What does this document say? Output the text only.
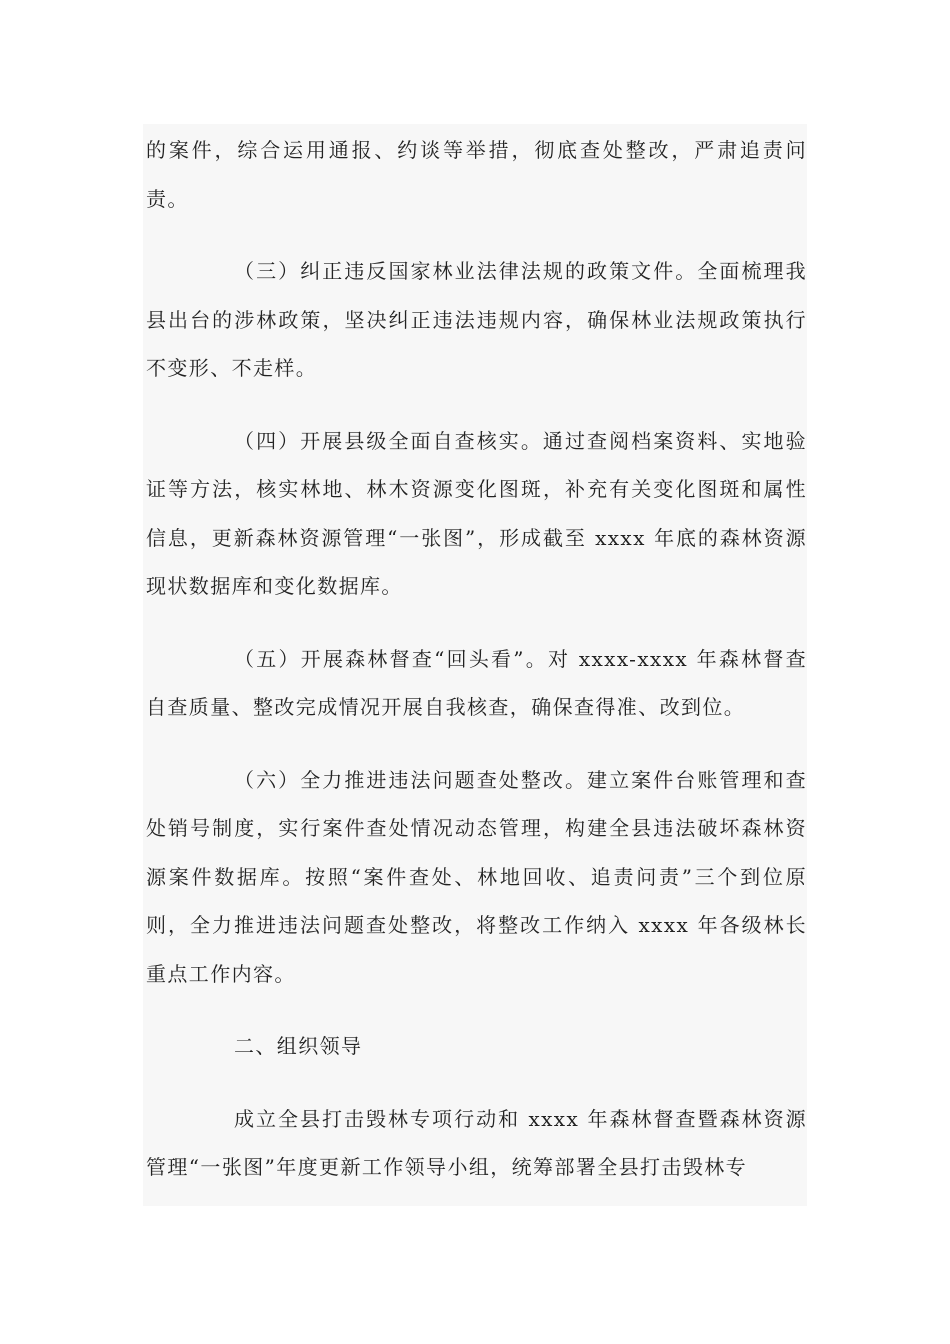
的案件，综合运用通报、约谈等举措，彻底查处整改，严肃追责问责。

（三）纠正违反国家林业法律法规的政策文件。全面梳理我县出台的涉林政策，坚决纠正违法违规内容，确保林业法规政策执行不变形、不走样。

（四）开展县级全面自查核实。通过查阅档案资料、实地验证等方法，核实林地、林木资源变化图斑，补充有关变化图斑和属性信息，更新森林资源管理“一张图”，形成截至 xxxx 年底的森林资源现状数据库和变化数据库。

（五）开展森林督查“回头看”。对 xxxx-xxxx 年森林督查自查质量、整改完成情况开展自我核查，确保查得准、改到位。

（六）全力推进违法问题查处整改。建立案件台账管理和查处销号制度，实行案件查处情况动态管理，构建全县违法破坏森林资源案件数据库。按照“案件查处、林地回收、追责问责”三个到位原则，全力推进违法问题查处整改，将整改工作纳入 xxxx 年各级林长重点工作内容。

二、组织领导

成立全县打击毁林专项行动和 xxxx 年森林督查暨森林资源管理“一张图”年度更新工作领导小组，统筹部署全县打击毁林专
